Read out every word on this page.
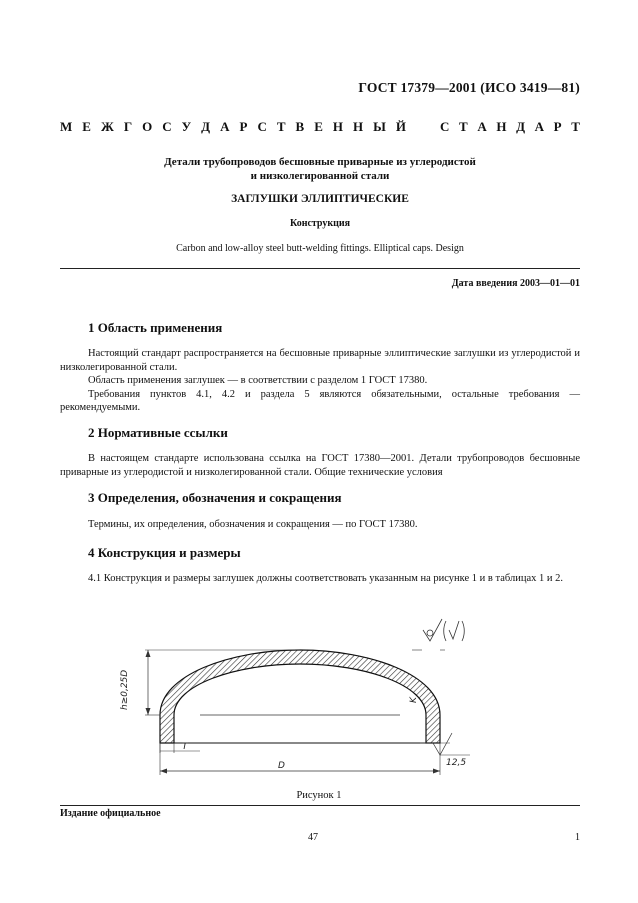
ГОСТ 17379—2001 (ИСО 3419—81)
М Е Ж Г О С У Д А Р С Т В Е Н Н Ы Й	С Т А Н Д А Р Т
Детали трубопроводов бесшовные приварные из углеродистой
и низколегированной стали
ЗАГЛУШКИ ЭЛЛИПТИЧЕСКИЕ
Конструкция
Carbon and low-alloy steel butt-welding fittings. Elliptical caps. Design
Дата введения 2003—01—01
1 Область применения
Настоящий стандарт распространяется на бесшовные приварные эллиптические заглушки из углеродистой и низколегированной стали.
Область применения заглушек — в соответствии с разделом 1 ГОСТ 17380.
Требования пунктов 4.1, 4.2 и раздела 5 являются обязательными, остальные требования — рекомендуемыми.
2 Нормативные ссылки
В настоящем стандарте использована ссылка на ГОСТ 17380—2001. Детали трубопроводов бесшовные приварные из углеродистой и низколегированной стали. Общие технические условия
3 Определения, обозначения и сокращения
Термины, их определения, обозначения и сокращения — по ГОСТ 17380.
4 Конструкция и размеры
4.1 Конструкция и размеры заглушек должны соответствовать указанным на рисунке 1 и в таблицах 1 и 2.
h≥0,25D	K
T
D	12,5
Рисунок 1
Издание официальное
47	1
